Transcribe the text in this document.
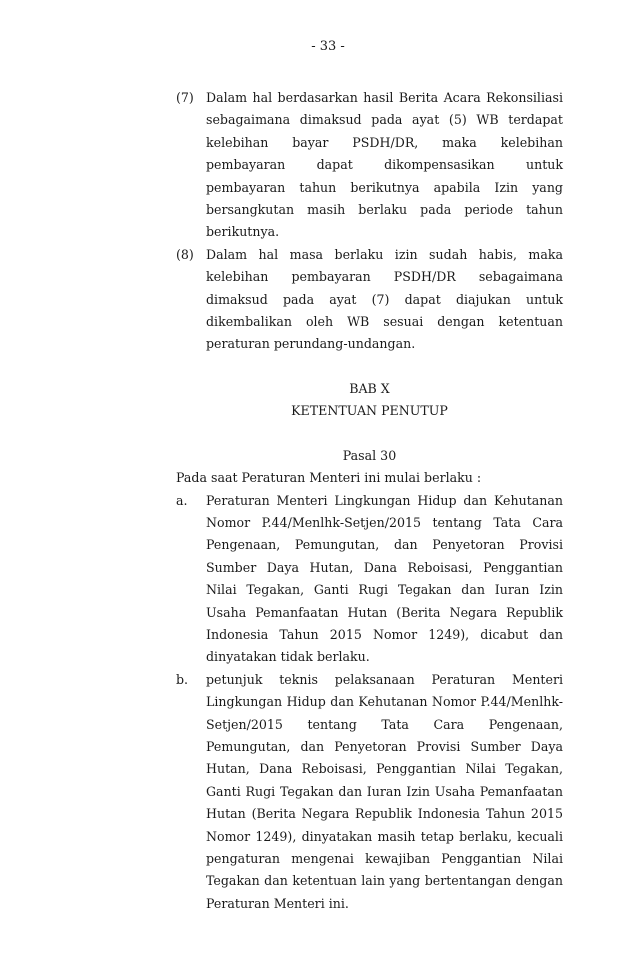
- 33 -
(7) Dalam hal berdasarkan hasil Berita Acara Rekonsiliasi sebagaimana dimaksud pada ayat (5) WB terdapat kelebihan bayar PSDH/DR, maka kelebihan pembayaran dapat dikompensasikan untuk pembayaran tahun berikutnya apabila Izin yang bersangkutan masih berlaku pada periode tahun berikutnya.
(8) Dalam hal masa berlaku izin sudah habis, maka kelebihan pembayaran PSDH/DR sebagaimana dimaksud pada ayat (7) dapat diajukan untuk dikembalikan oleh WB sesuai dengan ketentuan peraturan perundang-undangan.
BAB X
KETENTUAN PENUTUP
Pasal 30
Pada saat Peraturan Menteri ini mulai berlaku :
a.	Peraturan Menteri Lingkungan Hidup dan Kehutanan Nomor P.44/Menlhk-Setjen/2015 tentang Tata Cara Pengenaan, Pemungutan, dan Penyetoran Provisi Sumber Daya Hutan, Dana Reboisasi, Penggantian Nilai Tegakan, Ganti Rugi Tegakan dan Iuran Izin Usaha Pemanfaatan Hutan (Berita Negara Republik Indonesia Tahun 2015 Nomor 1249), dicabut dan dinyatakan tidak berlaku.
b.	petunjuk teknis pelaksanaan Peraturan Menteri Lingkungan Hidup dan Kehutanan Nomor P.44/Menlhk-Setjen/2015 tentang Tata Cara Pengenaan, Pemungutan, dan Penyetoran Provisi Sumber Daya Hutan, Dana Reboisasi, Penggantian Nilai Tegakan, Ganti Rugi Tegakan dan Iuran Izin Usaha Pemanfaatan Hutan (Berita Negara Republik Indonesia Tahun 2015 Nomor 1249), dinyatakan masih tetap berlaku, kecuali pengaturan mengenai kewajiban Penggantian Nilai Tegakan dan ketentuan lain yang bertentangan dengan Peraturan Menteri ini.
